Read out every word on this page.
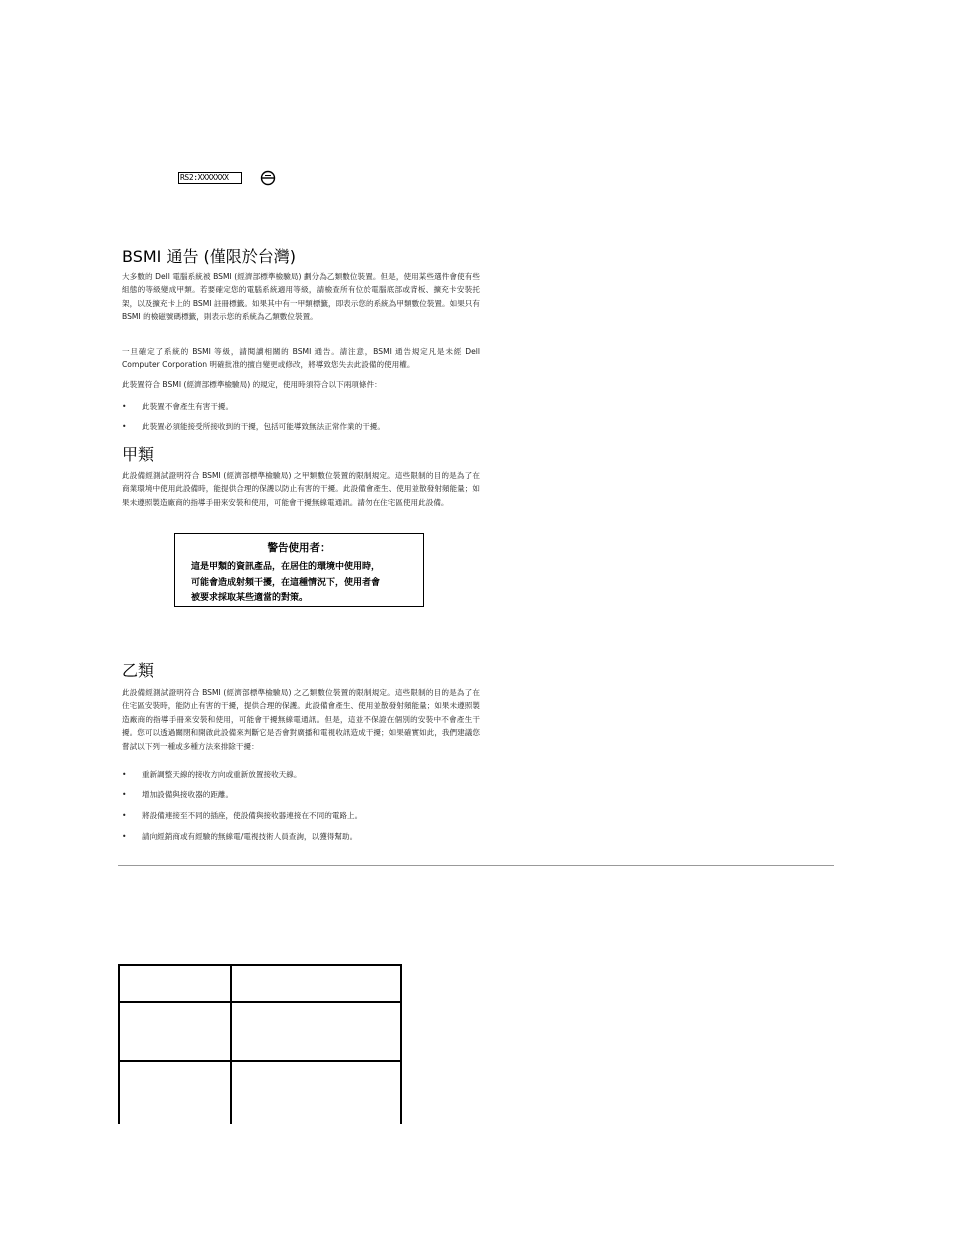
RS2:XXXXXXX
BSMI 通告 (僅限於台灣)
大多數的 Dell 電腦系統被 BSMI (經濟部標準檢驗局) 劃分為乙類數位裝置。但是，使用某些選件會使有些組態的等級變成甲類。若要確定您的電腦系統適用等級，請檢查所有位於電腦底部或背板、擴充卡安裝托架，以及擴充卡上的 BSMI 註冊標籤。如果其中有一甲類標籤，即表示您的系統為甲類數位裝置。如果只有 BSMI 的檢磁號碼標籤，則表示您的系統為乙類數位裝置。
一旦確定了系統的 BSMI 等級，請閱讀相關的 BSMI 通告。請注意，BSMI 通告規定凡是未經 Dell Computer Corporation 明確批准的擅自變更或修改，將導致您失去此設備的使用權。
此裝置符合 BSMI (經濟部標準檢驗局) 的規定，使用時須符合以下兩項條件：
• 此裝置不會產生有害干擾。
• 此裝置必須能接受所接收到的干擾，包括可能導致無法正常作業的干擾。
甲類
此設備經測試證明符合 BSMI (經濟部標準檢驗局) 之甲類數位裝置的限制規定。這些限制的目的是為了在商業環境中使用此設備時，能提供合理的保護以防止有害的干擾。此設備會產生、使用並散發射頻能量；如果未遵照製造廠商的指導手冊來安裝和使用，可能會干擾無線電通訊。請勿在住宅區使用此設備。
警告使用者：
這是甲類的資訊產品，在居住的環境中使用時，
可能會造成射頻干擾，在這種情況下，使用者會
被要求採取某些適當的對策。
乙類
此設備經測試證明符合 BSMI (經濟部標準檢驗局) 之乙類數位裝置的限制規定。這些限制的目的是為了在住宅區安裝時，能防止有害的干擾，提供合理的保護。此設備會產生、使用並散發射頻能量；如果未遵照製造廠商的指導手冊來安裝和使用，可能會干擾無線電通訊。但是，這並不保證在個別的安裝中不會產生干擾。您可以透過關閉和開啟此設備來判斷它是否會對廣播和電視收訊造成干擾；如果確實如此，我們建議您嘗試以下列一種或多種方法來排除干擾：
• 重新調整天線的接收方向或重新放置接收天線。
• 增加設備與接收器的距離。
• 將設備連接至不同的插座，使設備與接收器連接在不同的電路上。
• 請向經銷商或有經驗的無線電/電視技術人員查詢，以獲得幫助。
